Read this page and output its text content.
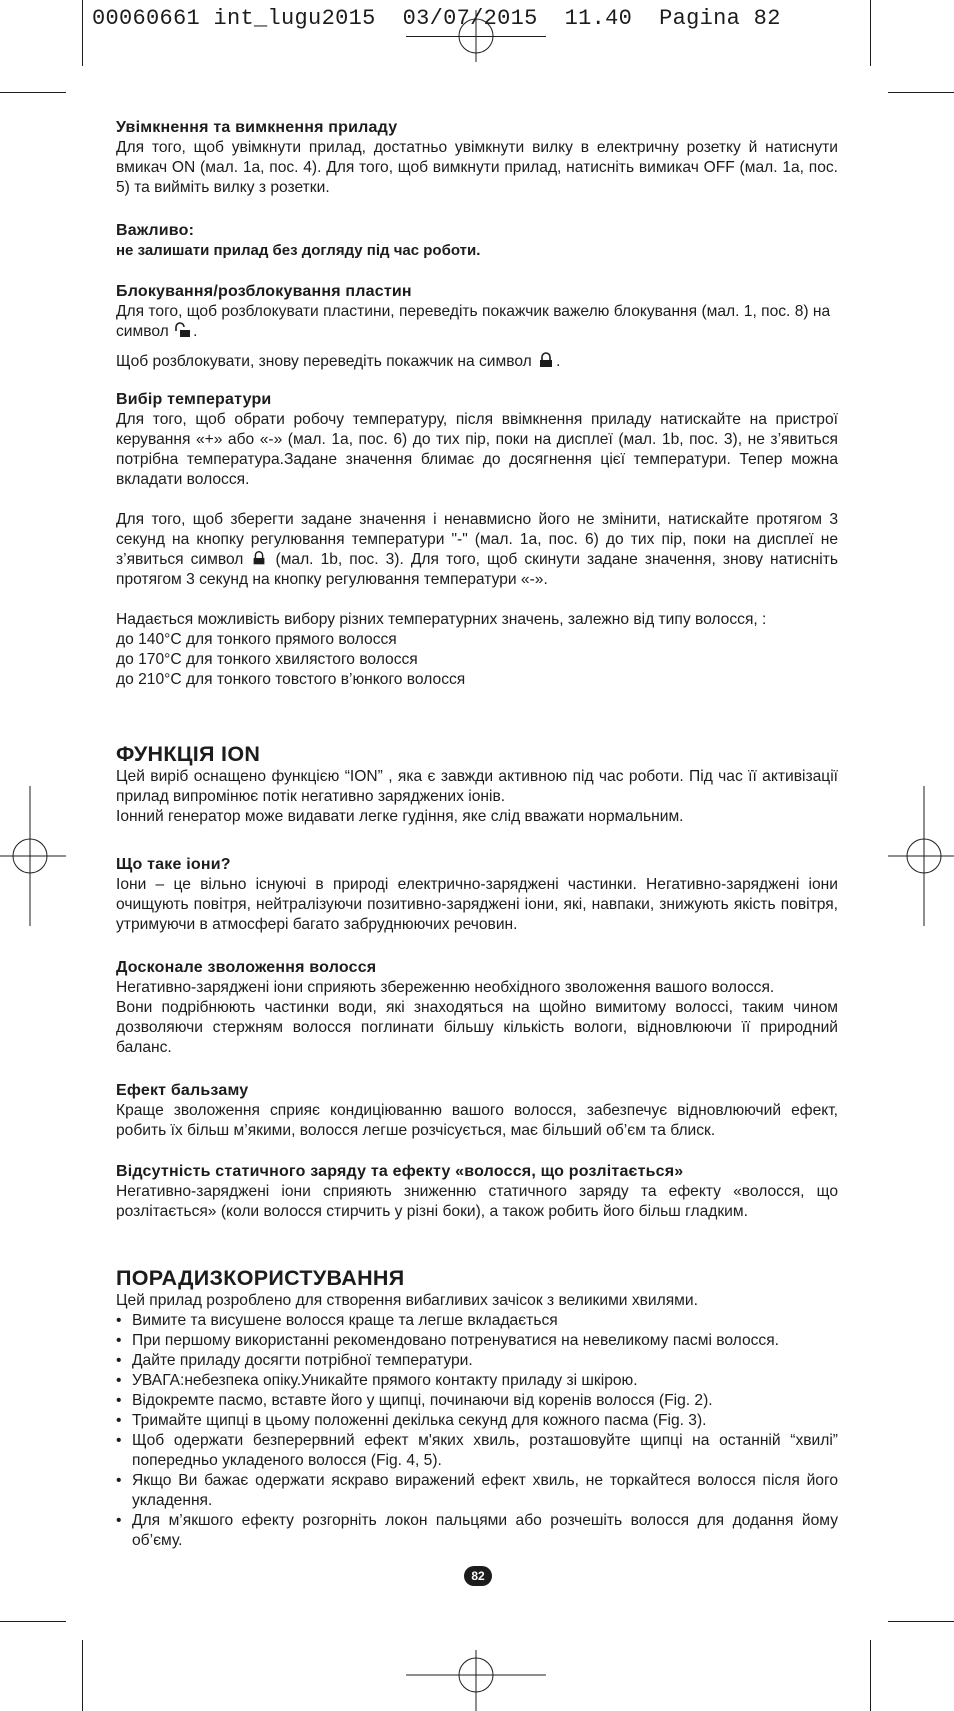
00060661 int_lugu2015 03/07/2015 11.40 Pagina 82

Увімкнення та вимкнення приладу

Для того, щоб увімкнути прилад, достатньо увімкнути вилку в електричну розетку й натиснути вмикач ON (мал. 1a, пос. 4). Для того, щоб вимкнути прилад, натисніть вимикач OFF (мал. 1a, пос. 5) та вийміть вилку з розетки.

Важливо:

не залишати прилад без догляду під час роботи.

Блокування/розблокування пластин

Для того, щоб розблокувати пластини, переведіть покажчик важелю блокування (мал. 1, пос. 8) на символ .

Щоб розблокувати, знову переведіть покажчик на символ .

Вибір температури

Для того, щоб обрати робочу температуру, після ввімкнення приладу натискайте на пристрої керування «+» або «-» (мал. 1a, пос. 6) до тих пір, поки на дисплеї (мал. 1b, пос. 3), не з’явиться потрібна температура.Задане значення блимає до досягнення цієї температури. Тепер можна вкладати волосся.

Для того, щоб зберегти задане значення і ненавмисно його не змінити, натискайте протягом 3 секунд на кнопку регулювання температури "-" (мал. 1a, пос. 6) до тих пір, поки на дисплеї не з’явиться символ (мал. 1b, пос. 3). Для того, щоб скинути задане значення, знову натисніть протягом 3 секунд на кнопку регулювання температури «-».

Надається можливість вибору різних температурних значень, залежно від типу волосся, :

до 140°C для тонкого прямого волосся

до 170°C для тонкого хвилястого волосся

до 210°C для тонкого товстого в’юнкого волосся

ФУНКЦІЯ ION

Цей виріб оснащено функцією “ION” , яка є завжди активною під час роботи. Під час її активізації прилад випромінює потік негативно заряджених іонів.

Іонний генератор може видавати легке гудіння, яке слід вважати нормальним.

Що таке іони?

Іони – це вільно існуючі в природі електрично-заряджені частинки. Негативно-заряджені іони очищують повітря, нейтралізуючи позитивно-заряджені іони, які, навпаки, знижують якість повітря, утримуючи в атмосфері багато забруднюючих речовин.

Досконале зволоження волосся

Негативно-заряджені іони сприяють збереженню необхідного зволоження вашого волосся.

Вони подрібнюють частинки води, які знаходяться на щойно вимитому волоссі, таким чином дозволяючи стержням волосся поглинати більшу кількість вологи, відновлюючи її природний баланс.

Ефект бальзаму

Краще зволоження сприяє кондиціюванню вашого волосся, забезпечує відновлюючий ефект, робить їх більш м’якими, волосся легше розчісується, має більший об’єм та блиск.

Відсутність статичного заряду та ефекту «волосся, що розлітається»

Негативно-заряджені іони сприяють зниженню статичного заряду та ефекту «волосся, що розлітається» (коли волосся стирчить у різні боки), а також робить його більш гладким.

ПОРАДИЗКОРИСТУВАННЯ

Цей прилад розроблено для створення вибагливих зачісок з великими хвилями.

• Вимите та висушене волосся краще та легше вкладається
• При першому використанні рекомендовано потренуватися на невеликому пасмі волосся.
• Дайте приладу досягти потрібної температури.
• УВАГА:небезпека опіку.Уникайте прямого контакту приладу зі шкірою.
• Відокремте пасмо, вставте його у щипці, починаючи від коренів волосся (Fig. 2).
• Тримайте щипці в цьому положенні декілька секунд для кожного пасма (Fig. 3).
• Щоб одержати безперервний ефект м'яких хвиль, розташовуйте щипці на останній “хвилі” попередньо укладеного волосся (Fig. 4, 5).
• Якщо Ви бажає одержати яскраво виражений ефект хвиль, не торкайтеся волосся після його укладення.
• Для м’якшого ефекту розгорніть локон пальцями або розчешіть волосся для додання йому об’єму.
82
